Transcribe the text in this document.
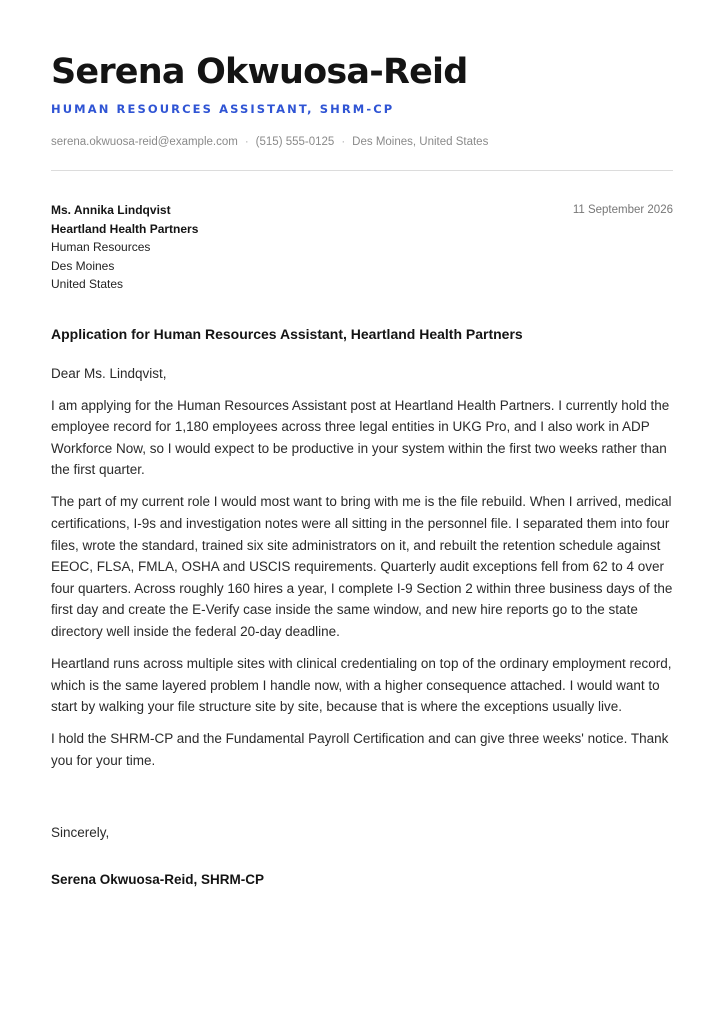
Serena Okwuosa-Reid
HUMAN RESOURCES ASSISTANT, SHRM-CP
serena.okwuosa-reid@example.com · (515) 555-0125 · Des Moines, United States
Ms. Annika Lindqvist
Heartland Health Partners
Human Resources
Des Moines
United States
11 September 2026
Application for Human Resources Assistant, Heartland Health Partners

Dear Ms. Lindqvist,

I am applying for the Human Resources Assistant post at Heartland Health Partners. I currently hold the employee record for 1,180 employees across three legal entities in UKG Pro, and I also work in ADP Workforce Now, so I would expect to be productive in your system within the first two weeks rather than the first quarter.

The part of my current role I would most want to bring with me is the file rebuild. When I arrived, medical certifications, I-9s and investigation notes were all sitting in the personnel file. I separated them into four files, wrote the standard, trained six site administrators on it, and rebuilt the retention schedule against EEOC, FLSA, FMLA, OSHA and USCIS requirements. Quarterly audit exceptions fell from 62 to 4 over four quarters. Across roughly 160 hires a year, I complete I-9 Section 2 within three business days of the first day and create the E-Verify case inside the same window, and new hire reports go to the state directory well inside the federal 20-day deadline.

Heartland runs across multiple sites with clinical credentialing on top of the ordinary employment record, which is the same layered problem I handle now, with a higher consequence attached. I would want to start by walking your file structure site by site, because that is where the exceptions usually live.

I hold the SHRM-CP and the Fundamental Payroll Certification and can give three weeks' notice. Thank you for your time.

Sincerely,
Serena Okwuosa-Reid, SHRM-CP
